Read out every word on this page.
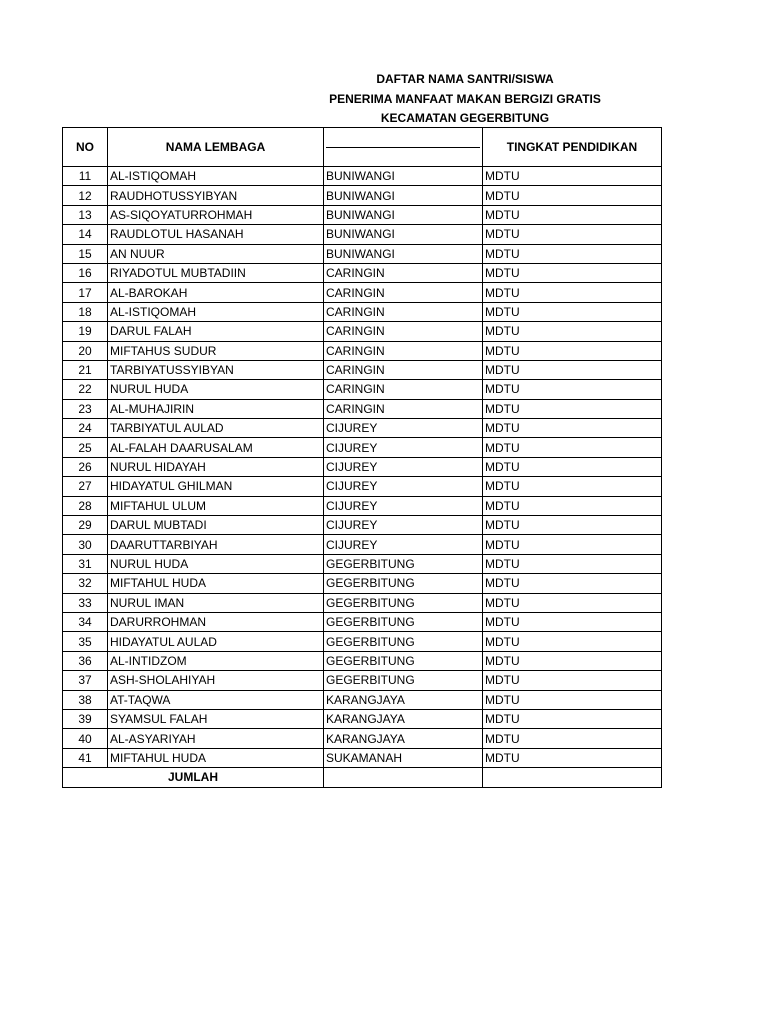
DAFTAR NAMA SANTRI/SISWA
PENERIMA MANFAAT MAKAN BERGIZI GRATIS
KECAMATAN GEGERBITUNG
NO	NAMA LEMBAGA		TINGKAT PENDIDIKAN
11	AL-ISTIQOMAH	BUNIWANGI	MDTU
12	RAUDHOTUSSYIBYAN	BUNIWANGI	MDTU
13	AS-SIQOYATURROHMAH	BUNIWANGI	MDTU
14	RAUDLOTUL HASANAH	BUNIWANGI	MDTU
15	AN NUUR	BUNIWANGI	MDTU
16	RIYADOTUL MUBTADIIN	CARINGIN	MDTU
17	AL-BAROKAH	CARINGIN	MDTU
18	AL-ISTIQOMAH	CARINGIN	MDTU
19	DARUL FALAH	CARINGIN	MDTU
20	MIFTAHUS SUDUR	CARINGIN	MDTU
21	TARBIYATUSSYIBYAN	CARINGIN	MDTU
22	NURUL HUDA	CARINGIN	MDTU
23	AL-MUHAJIRIN	CARINGIN	MDTU
24	TARBIYATUL AULAD	CIJUREY	MDTU
25	AL-FALAH DAARUSALAM	CIJUREY	MDTU
26	NURUL HIDAYAH	CIJUREY	MDTU
27	HIDAYATUL GHILMAN	CIJUREY	MDTU
28	MIFTAHUL ULUM	CIJUREY	MDTU
29	DARUL MUBTADI	CIJUREY	MDTU
30	DAARUTTARBIYAH	CIJUREY	MDTU
31	NURUL HUDA	GEGERBITUNG	MDTU
32	MIFTAHUL HUDA	GEGERBITUNG	MDTU
33	NURUL IMAN	GEGERBITUNG	MDTU
34	DARURROHMAN	GEGERBITUNG	MDTU
35	HIDAYATUL AULAD	GEGERBITUNG	MDTU
36	AL-INTIDZOM	GEGERBITUNG	MDTU
37	ASH-SHOLAHIYAH	GEGERBITUNG	MDTU
38	AT-TAQWA	KARANGJAYA	MDTU
39	SYAMSUL FALAH	KARANGJAYA	MDTU
40	AL-ASYARIYAH	KARANGJAYA	MDTU
41	MIFTAHUL HUDA	SUKAMANAH	MDTU
JUMLAH			
